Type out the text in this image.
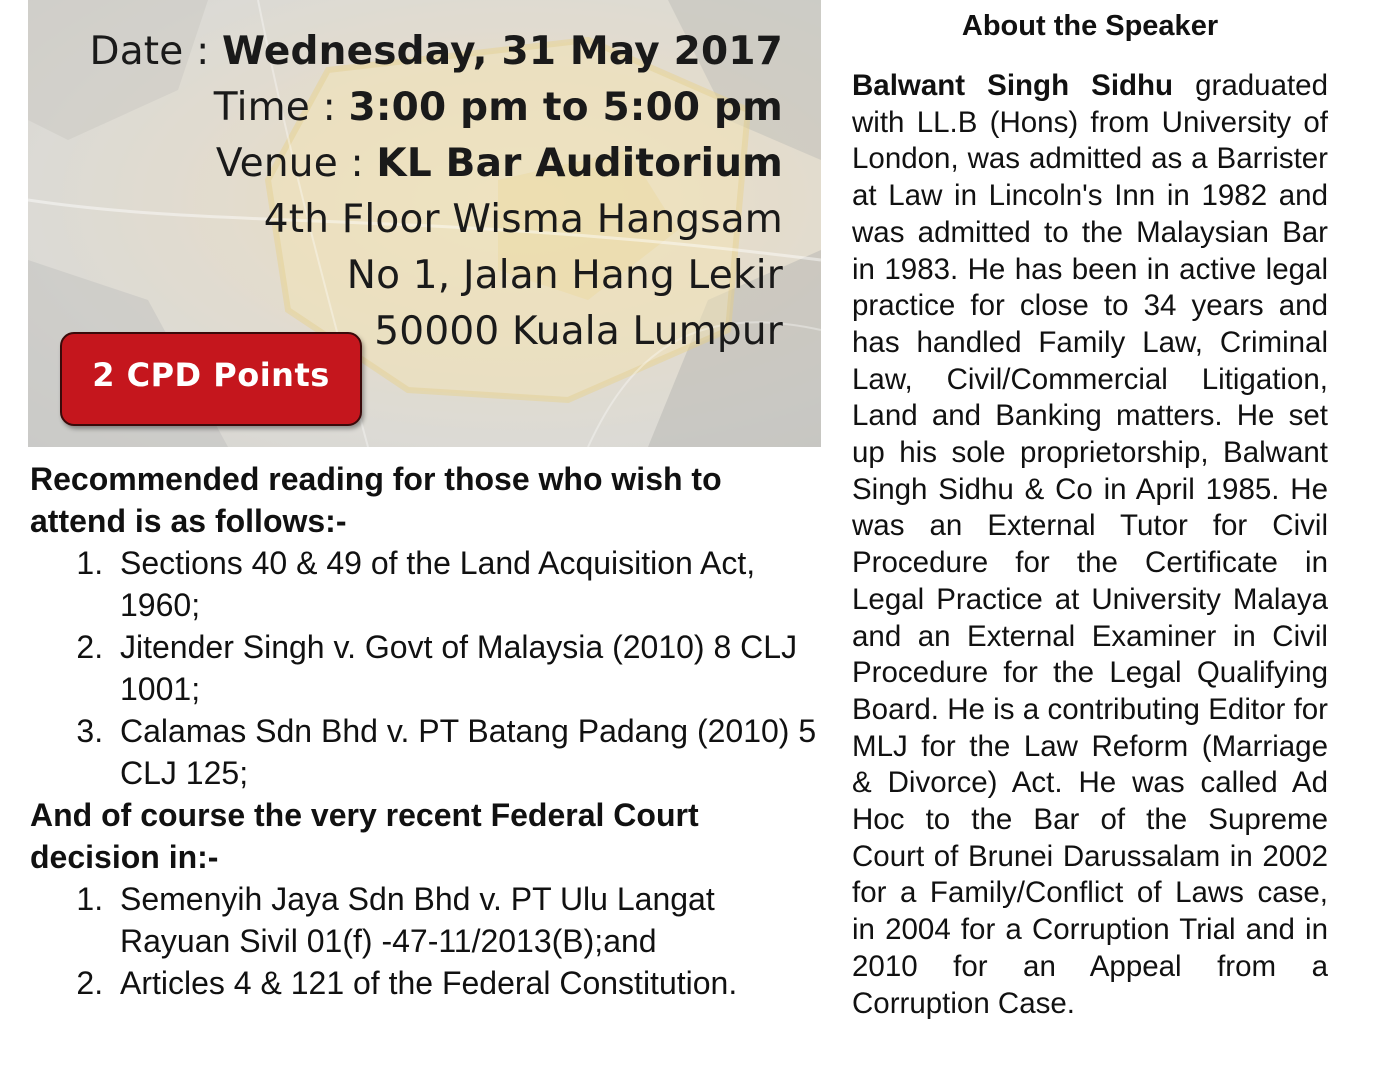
Date : Wednesday, 31 May 2017
Time : 3:00 pm to 5:00 pm
Venue : KL Bar Auditorium
4th Floor Wisma Hangsam
No 1, Jalan Hang Lekir
50000 Kuala Lumpur
2 CPD Points

Recommended reading for those who wish to attend is as follows:-

1. Sections 40 & 49 of the Land Acquisition Act, 1960;
2. Jitender Singh v. Govt of Malaysia (2010) 8 CLJ 1001;
3. Calamas Sdn Bhd v. PT Batang Padang (2010) 5 CLJ 125;

And of course the very recent Federal Court decision in:-

1. Semenyih Jaya Sdn Bhd v. PT Ulu Langat Rayuan Sivil 01(f) -47-11/2013(B);and
2. Articles 4 & 121 of the Federal Constitution.
About the Speaker

Balwant Singh Sidhu graduated with LL.B (Hons) from University of London, was admitted as a Barrister at Law in Lincoln's Inn in 1982 and was admitted to the Malaysian Bar in 1983. He has been in active legal practice for close to 34 years and has handled Family Law, Criminal Law, Civil/Commercial Litigation, Land and Banking matters. He set up his sole proprietorship, Balwant Singh Sidhu & Co in April 1985. He was an External Tutor for Civil Procedure for the Certificate in Legal Practice at University Malaya and an External Examiner in Civil Procedure for the Legal Qualifying Board. He is a contributing Editor for MLJ for the Law Reform (Marriage & Divorce) Act. He was called Ad Hoc to the Bar of the Supreme Court of Brunei Darussalam in 2002 for a Family/Conflict of Laws case, in 2004 for a Corruption Trial and in 2010 for an Appeal from a Corruption Case.
